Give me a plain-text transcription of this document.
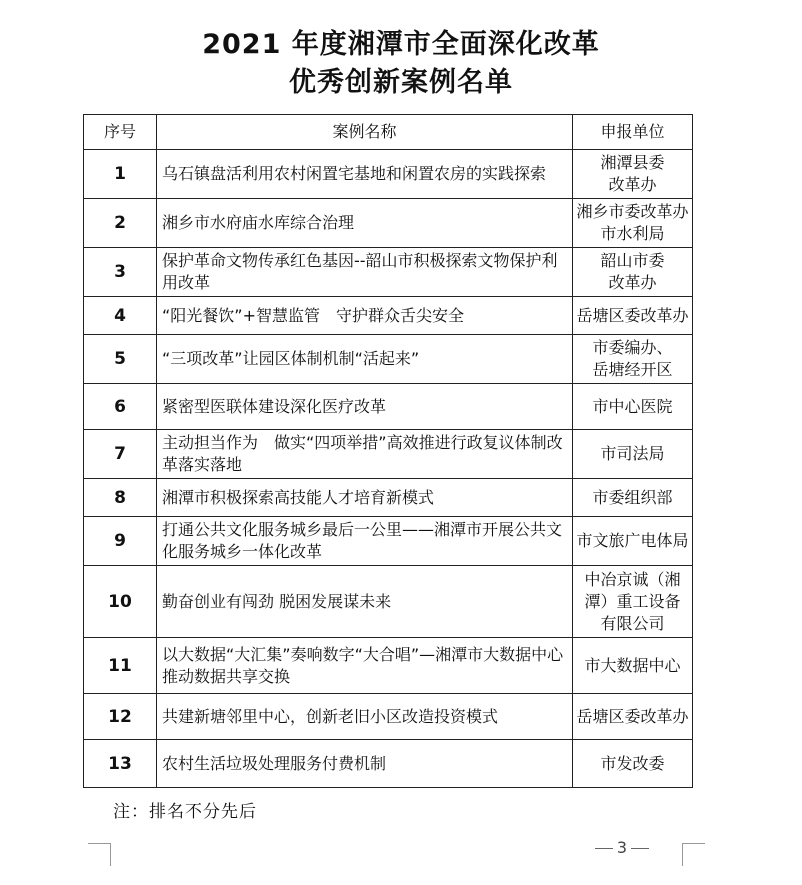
2021 年度湘潭市全面深化改革
优秀创新案例名单
序号	案例名称	申报单位
1	乌石镇盘活利用农村闲置宅基地和闲置农房的实践探索	湘潭县委
改革办

2	湘乡市水府庙水库综合治理	湘乡市委改革办
市水利局

3	保护革命文物传承红色基因--韶山市积极探索文物保护利用改革	韶山市委
改革办

4	“阳光餐饮”+智慧监管　守护群众舌尖安全	岳塘区委改革办

5	“三项改革”让园区体制机制“活起来”	市委编办、
岳塘经开区

6	紧密型医联体建设深化医疗改革	市中心医院

7	主动担当作为　做实“四项举措”高效推进行政复议体制改革落实落地	市司法局

8	湘潭市积极探索高技能人才培育新模式	市委组织部

9	打通公共文化服务城乡最后一公里——湘潭市开展公共文化服务城乡一体化改革	市文旅广电体局

10	勤奋创业有闯劲 脱困发展谋未来	中冶京诚（湘
潭）重工设备
有限公司

11	以大数据“大汇集”奏响数字“大合唱”—湘潭市大数据中心推动数据共享交换	市大数据中心

12	共建新塘邻里中心，创新老旧小区改造投资模式	岳塘区委改革办

13	农村生活垃圾处理服务付费机制	市发改委
注：排名不分先后
3
